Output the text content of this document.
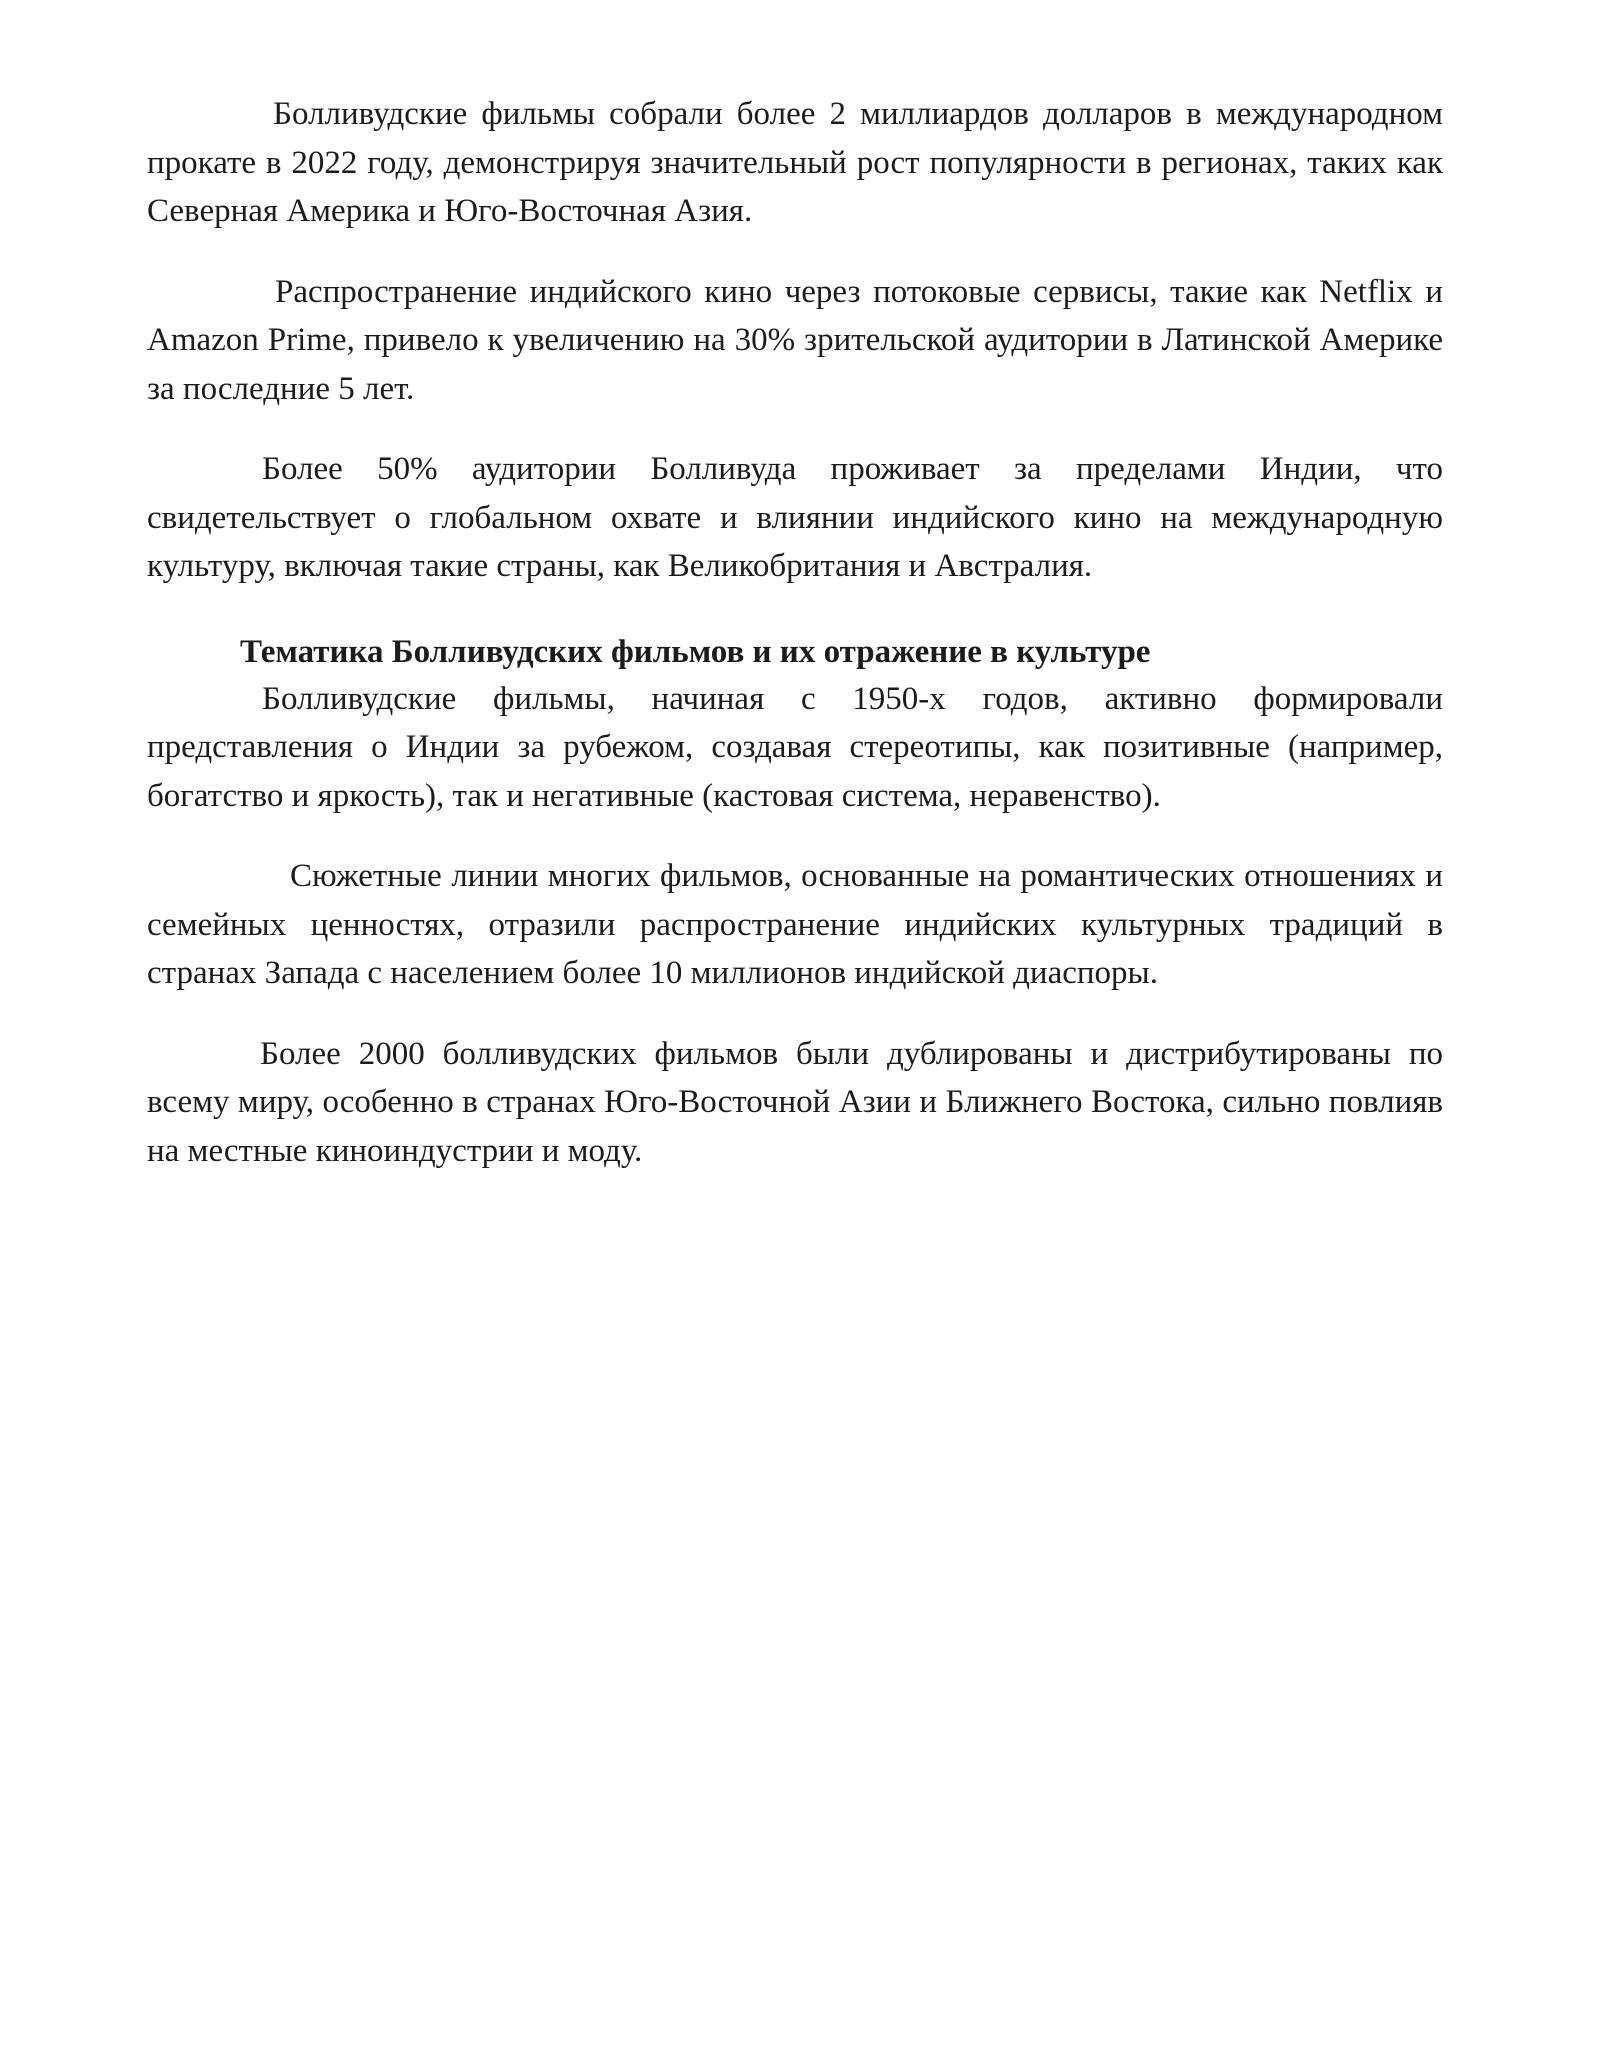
Болливудские фильмы собрали более 2 миллиардов долларов в международном прокате в 2022 году, демонстрируя значительный рост популярности в регионах, таких как Северная Америка и Юго-Восточная Азия.

Распространение индийского кино через потоковые сервисы, такие как Netflix и Amazon Prime, привело к увеличению на 30% зрительской аудитории в Латинской Америке за последние 5 лет.

Более 50% аудитории Болливуда проживает за пределами Индии, что свидетельствует о глобальном охвате и влиянии индийского кино на международную культуру, включая такие страны, как Великобритания и Австралия.

Тематика Болливудских фильмов и их отражение в культуре

Болливудские фильмы, начиная с 1950-х годов, активно формировали представления о Индии за рубежом, создавая стереотипы, как позитивные (например, богатство и яркость), так и негативные (кастовая система, неравенство).

Сюжетные линии многих фильмов, основанные на романтических отношениях и семейных ценностях, отразили распространение индийских культурных традиций в странах Запада с населением более 10 миллионов индийской диаспоры.

Более 2000 болливудских фильмов были дублированы и дистрибутированы по всему миру, особенно в странах Юго-Восточной Азии и Ближнего Востока, сильно повлияв на местные киноиндустрии и моду.
